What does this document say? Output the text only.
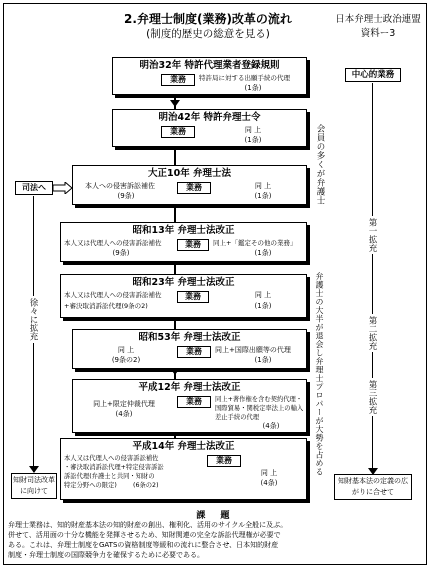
2.弁理士制度(業務)改革の流れ
(制度的歴史の総意を見る)
日本弁理士政治連盟
資料ー3
明治32年 特許代理業者登録規則
業務	特許局に対する出願手続の代理
(1条)
明治42年 特許弁理士令
業務	同 上
(1条)
大正10年 弁理士法
本人への侵害訴訟補佐
(9条)
業務	同 上
(1条)
昭和13年 弁理士法改正
本人又は代理人への侵害訴訟補佐
(9条)
業務	同上+「鑑定その他の業務」
(1条)
昭和23年 弁理士法改正
本人又は代理人への侵害訴訟補佐
+審決取消訴訟代理(9条の2)
業務	同 上
(1条)
昭和53年 弁理士法改正
同 上
(9条の2)
業務	同上+国際出願等の代理
(1条)
平成12年 弁理士法改正
同上+限定仲裁代理
(4条)
業務	同上+著作権を含む契約代理・
国際貿易・関税定率法上の輸入
差止手続の代理
(4条)
平成14年 弁理士法改正
本人又は代理人への侵害訴訟補佐
・審決取消訴訟代理+特定侵害訴訟
訴訟代理(弁護士と共同・知財の
特定分野への限定)	(6条の2)
業務
同 上
(4条)
司法へ
徐々に拡充
知財司法改革に向けて
中心的業務
第一拡充
第二拡充
第三拡充
知財基本法の定義の広がりに合せて
会員の多くが弁護士
弁護士の大半が退会し弁理士プロパーが大勢を占める
課 題
弁理士業務は、知的財産基本法の知的財産の創出、権利化、活用のサイクル全般に及ぶ。
併せて、活用面の十分な機能を発揮させるため、知財関連の完全な訴訟代理権が必要で
ある。これは、弁理士制度をGATSの資格制度等緩和の流れに整合させ、日本知的財産
制度・弁理士制度の国際競争力を確保するために必要である。
